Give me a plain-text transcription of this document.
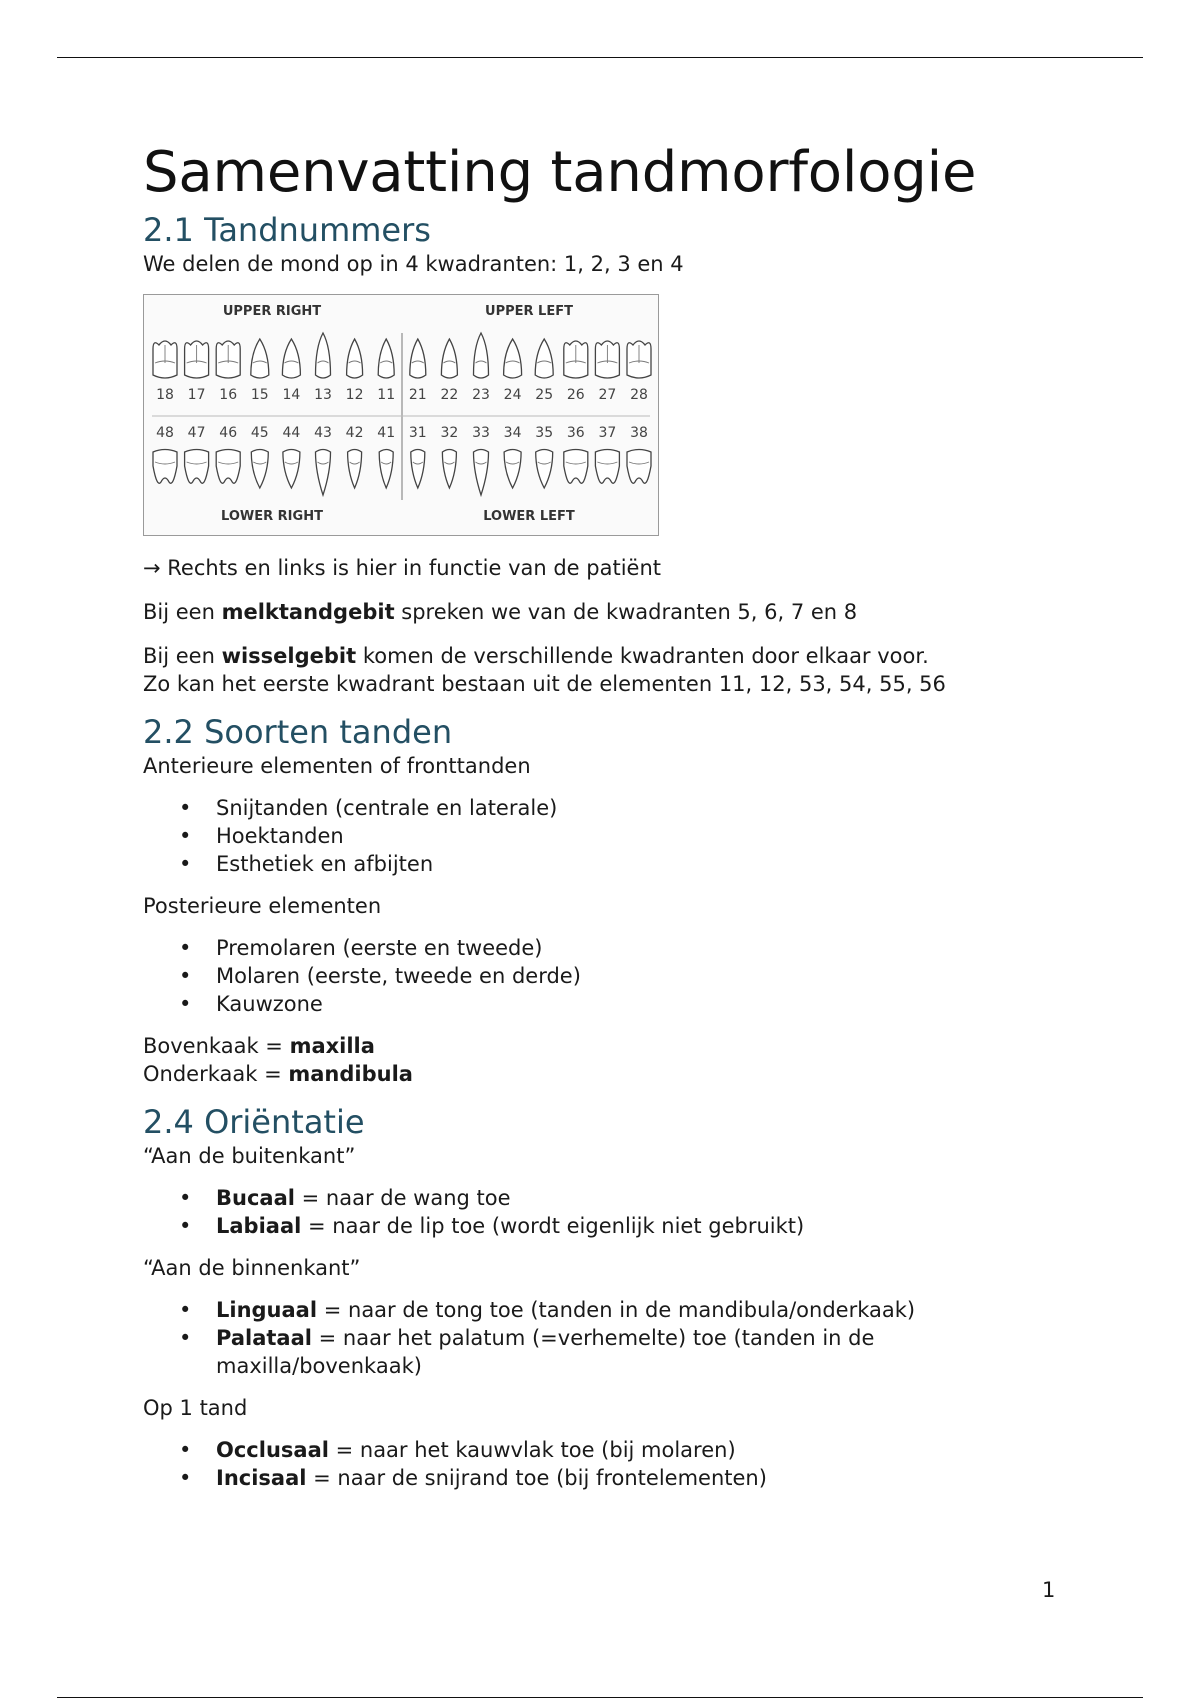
Samenvatting tandmorfologie
2.1 Tandnummers

We delen de mond op in 4 kwadranten: 1, 2, 3 en 4

UPPER RIGHT	UPPER LEFT
LOWER RIGHT	LOWER LEFT
18 17 16 15 14 13 12 11 21 22 23 24 25 26 27 28
48 47 46 45 44 43 42 41 31 32 33 34 35 36 37 38

→ Rechts en links is hier in functie van de patiënt

Bij een melktandgebit spreken we van de kwadranten 5, 6, 7 en 8

Bij een wisselgebit komen de verschillende kwadranten door elkaar voor.
Zo kan het eerste kwadrant bestaan uit de elementen 11, 12, 53, 54, 55, 56

2.2 Soorten tanden

Anterieure elementen of fronttanden

• Snijtanden (centrale en laterale)
• Hoektanden
• Esthetiek en afbijten

Posterieure elementen

• Premolaren (eerste en tweede)
• Molaren (eerste, tweede en derde)
• Kauwzone

Bovenkaak = maxilla
Onderkaak = mandibula

2.4 Oriëntatie

“Aan de buitenkant”

• Bucaal = naar de wang toe
• Labiaal = naar de lip toe (wordt eigenlijk niet gebruikt)

“Aan de binnenkant”

• Linguaal = naar de tong toe (tanden in de mandibula/onderkaak)
• Palataal = naar het palatum (=verhemelte) toe (tanden in de maxilla/bovenkaak)

Op 1 tand

• Occlusaal = naar het kauwvlak toe (bij molaren)
• Incisaal = naar de snijrand toe (bij frontelementen)
1
